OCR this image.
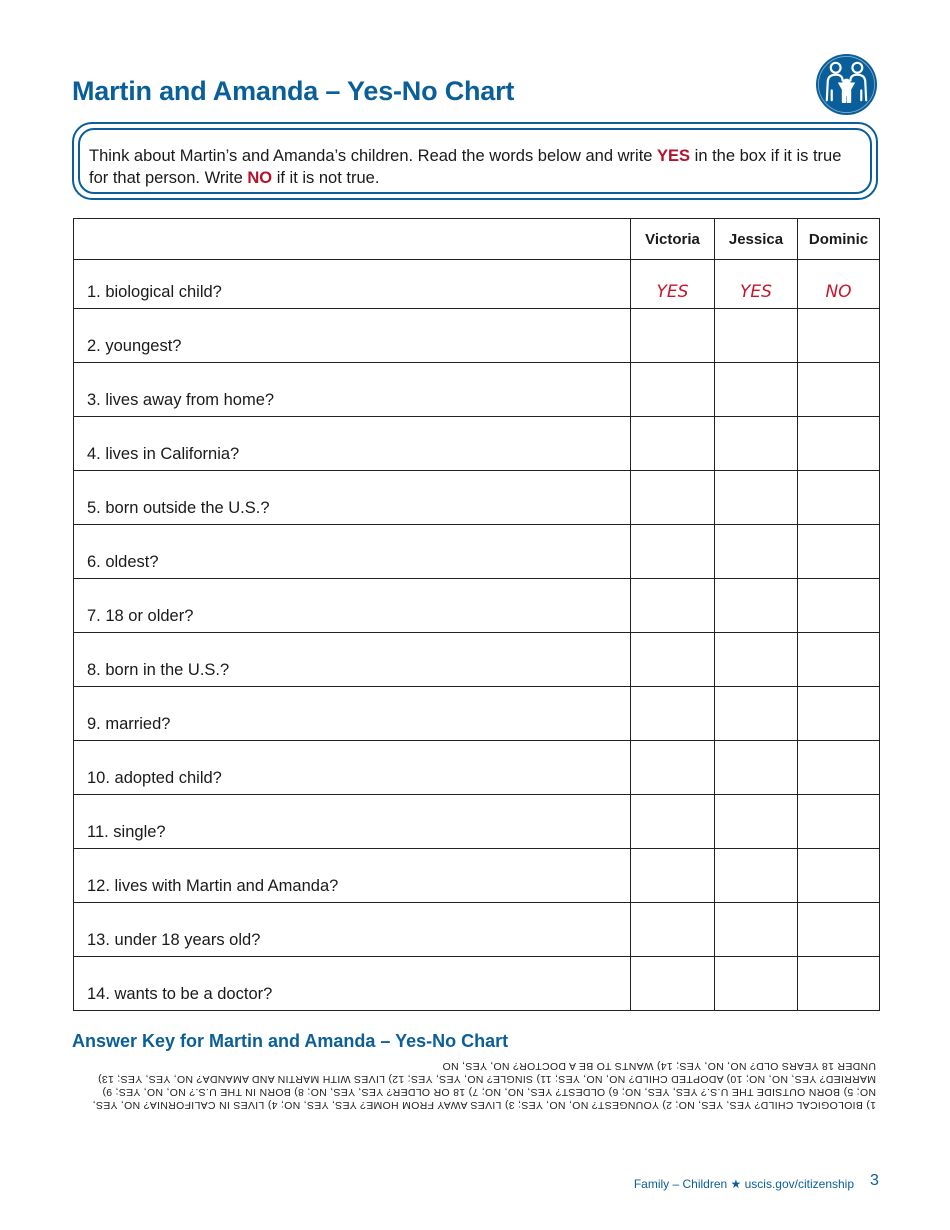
Martin and Amanda – Yes-No Chart
Think about Martin’s and Amanda’s children. Read the words below and write YES in the box if it is true for that person. Write NO if it is not true.
	Victoria	Jessica	Dominic
1. biological child?	YES	YES	NO
2. youngest?			
3. lives away from home?			
4. lives in California?			
5. born outside the U.S.?			
6. oldest?			
7. 18 or older?			
8. born in the U.S.?			
9. married?			
10. adopted child?			
11. single?			
12. lives with Martin and Amanda?			
13. under 18 years old?			
14. wants to be a doctor?			
Answer Key for Martin and Amanda – Yes-No Chart
1) BIOLOGICAL CHILD? YES, YES, NO; 2) YOUNGEST? NO, NO, YES; 3) LIVES AWAY FROM HOME? YES, YES, NO; 4) LIVES IN CALIFORNIA? NO, YES, NO; 5) BORN OUTSIDE THE U.S.? YES, YES, NO; 6) OLDEST? YES, NO, NO; 7) 18 OR OLDER? YES, YES, NO; 8) BORN IN THE U.S.? NO, NO, YES; 9) MARRIED? YES, NO, NO; 10) ADOPTED CHILD? NO, NO, YES; 11) SINGLE? NO, YES, YES; 12) LIVES WITH MARTIN AND AMANDA? NO, YES, YES; 13) UNDER 18 YEARS OLD? NO, NO, YES; 14) WANTS TO BE A DOCTOR? NO, YES, NO
Family – Children ★ uscis.gov/citizenship 3
